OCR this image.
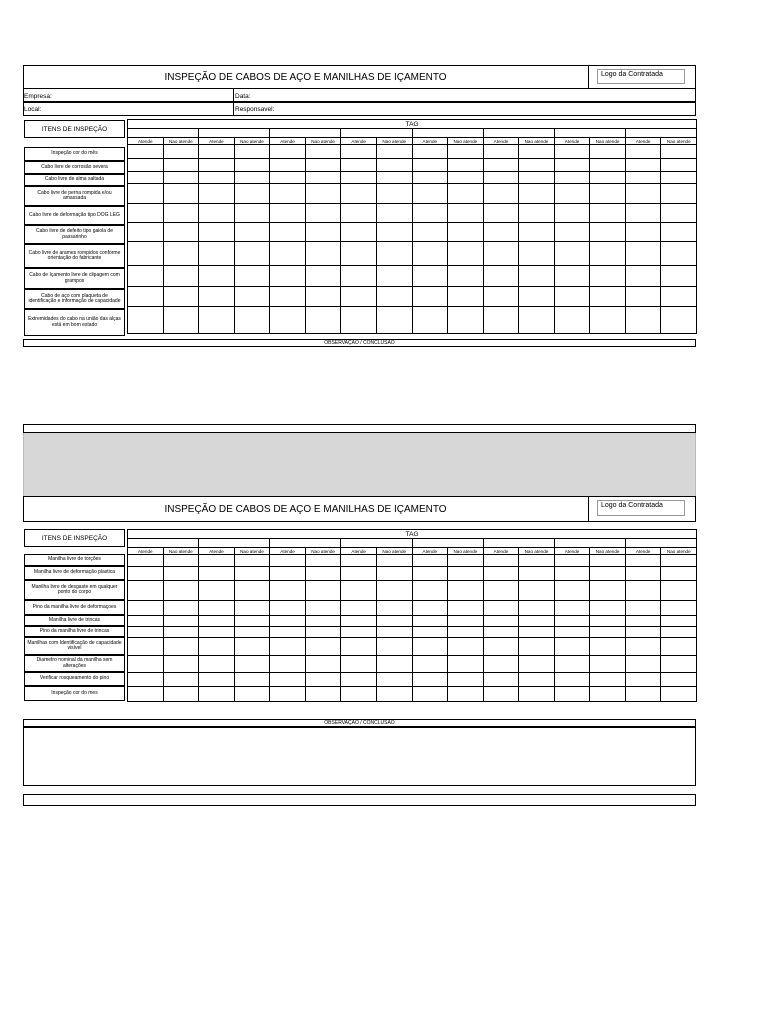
INSPEÇÃO DE CABOS DE AÇO E MANILHAS DE IÇAMENTO	Logo da Contratada
Empresa:	Data:
Local:	Responsavel:
ITENS DE INSPEÇÃO
Inspeção cor do mês
Cabo livre de corrosão severa
Cabo livre de alma saltada
Cabo livre de perna rompida e/ou amassada
Cabo livre de deformação tipo DOG LEG
Cabo livre de defeito tipo gaiola de passarinho
Cabo livre de arames rompidos conforme orientação do fabricante
Cabo de Içamento livre de clipagem com grampos
Cabo de aço com plaqueta de identificação e informação de capacidade
Extremidades do cabo na união das alças está em bom estado
TAG															

Atende	Nao atende	Atende	Nao atende	Atende	Nao atende	Atende	Nao atende	Atende	Nao atende	Atende	Nao atende	Atende	Nao atende	Atende	Nao atende

OBSERVAÇÃO / CONCLUSÃO
INSPEÇÃO DE CABOS DE AÇO E MANILHAS DE IÇAMENTO	Logo da Contratada
ITENS DE INSPEÇÃO
Manilha livre de torções
Manilha livre de deformação plastica
Manilha livre de desgaste em qualquer ponto do corpo
Pino da manilha livre de deformaçoes
Manilha livre de trincas
Pino da manilha livre de trincas
Manilhas com Identificação de capacidade visível
Diametro nominal da manilha sem alterações
Verificar rosqueamento do pino
Inspeção cor do mes
TAG															

Atende	Nao atende	Atende	Nao atende	Atende	Nao atende	Atende	Nao atende	Atende	Nao atende	Atende	Nao atende	Atende	Nao atende	Atende	Nao atende

OBSERVAÇÃO / CONCLUSÃO
